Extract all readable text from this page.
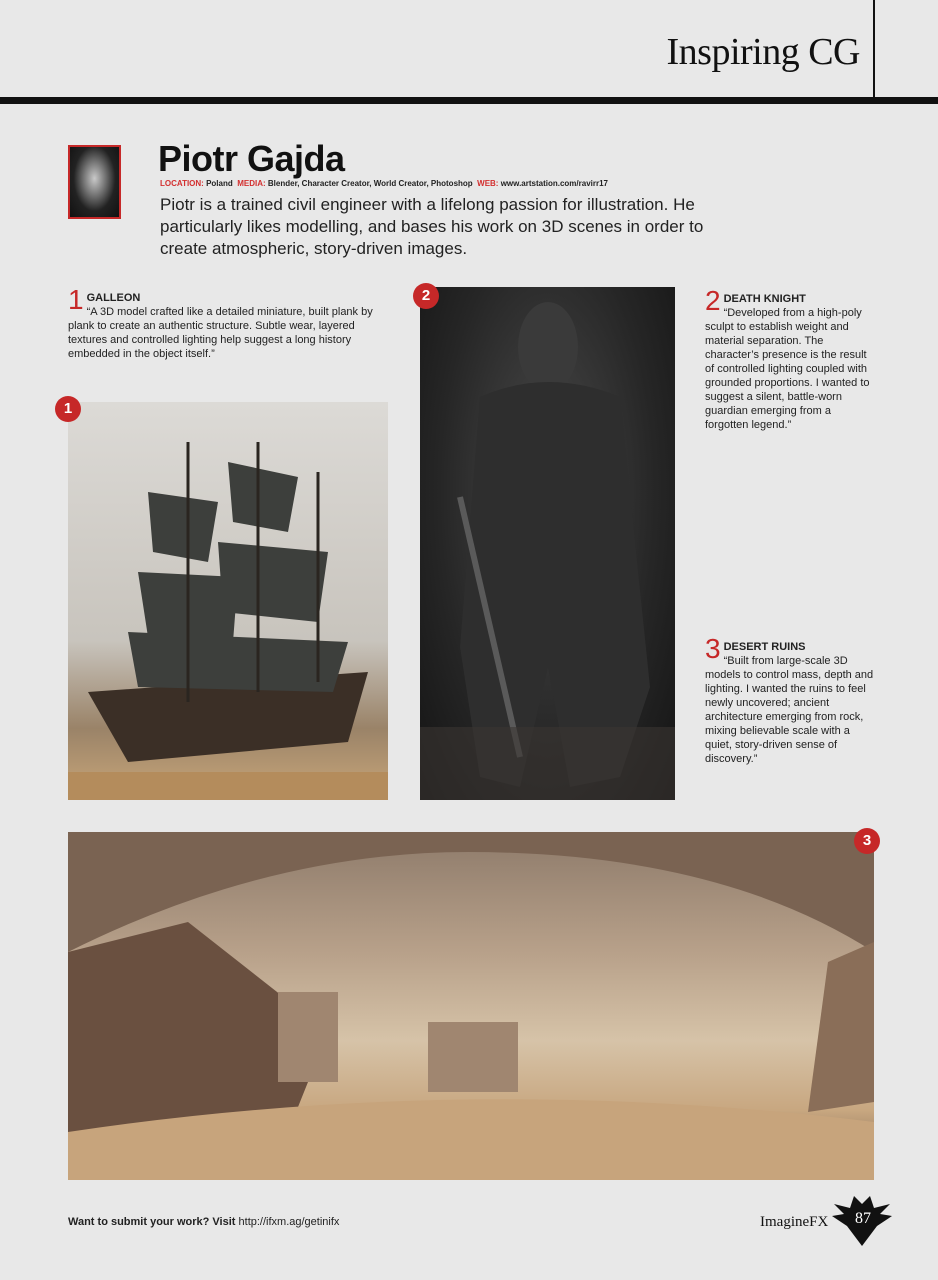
Inspiring CG
Piotr Gajda
LOCATION: Poland MEDIA: Blender, Character Creator, World Creator, Photoshop WEB: www.artstation.com/ravirr17
Piotr is a trained civil engineer with a lifelong passion for illustration. He particularly likes modelling, and bases his work on 3D scenes in order to create atmospheric, story-driven images.
1 GALLEON
“A 3D model crafted like a detailed miniature, built plank by plank to create an authentic structure. Subtle wear, layered textures and controlled lighting help suggest a long history embedded in the object itself.”
2 DEATH KNIGHT
“Developed from a high-poly sculpt to establish weight and material separation. The character’s presence is the result of controlled lighting coupled with grounded proportions. I wanted to suggest a silent, battle-worn guardian emerging from a forgotten legend.”
3 DESERT RUINS
“Built from large-scale 3D models to control mass, depth and lighting. I wanted the ruins to feel newly uncovered; ancient architecture emerging from rock, mixing believable scale with a quiet, story-driven sense of discovery.”
1
2
3
Want to submit your work? Visit http://ifxm.ag/getinifx	ImagineFX	87
